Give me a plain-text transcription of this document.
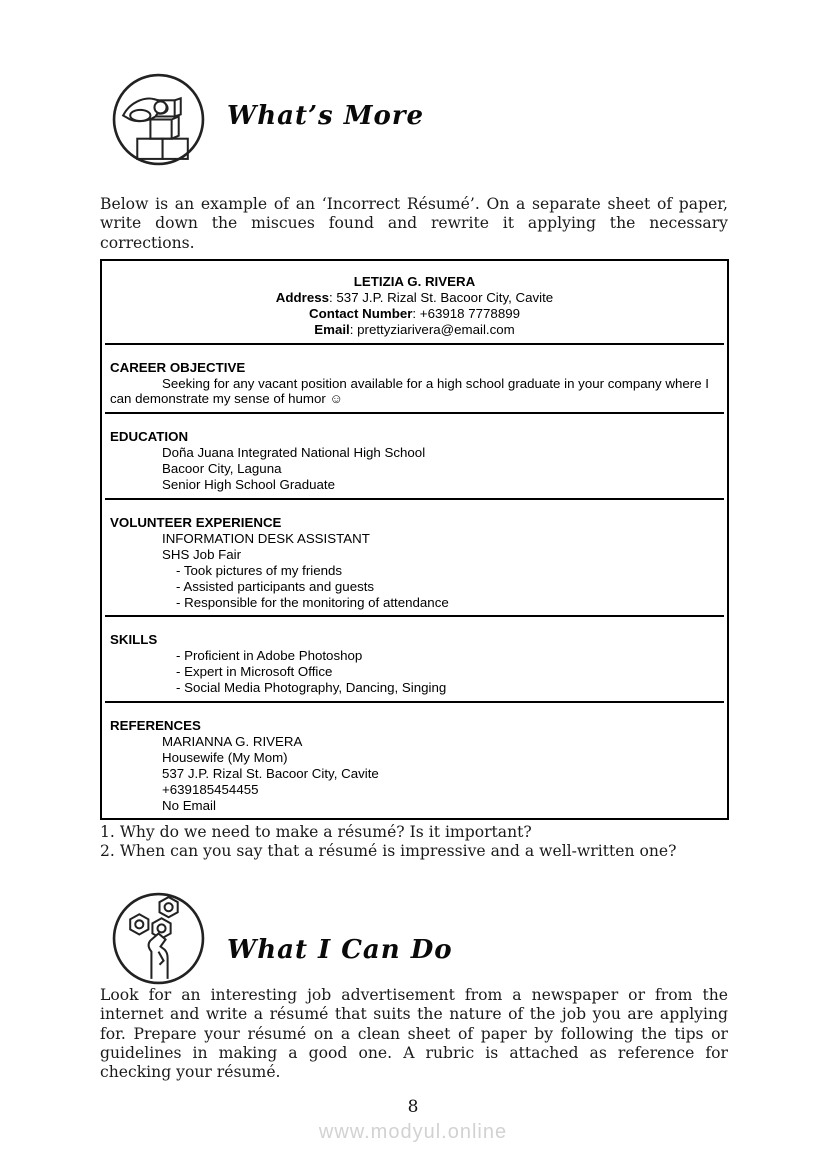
What’s More
Below is an example of an ‘Incorrect Résumé’. On a separate sheet of paper, write down the miscues found and rewrite it applying the necessary corrections.
LETIZIA G. RIVERA
Address: 537 J.P. Rizal St. Bacoor City, Cavite
Contact Number: +63918 7778899
Email: prettyziarivera@email.com
CAREER OBJECTIVE
Seeking for any vacant position available for a high school graduate in your company where I can demonstrate my sense of humor ☺
EDUCATION
Doña Juana Integrated National High School
Bacoor City, Laguna
Senior High School Graduate
VOLUNTEER EXPERIENCE
INFORMATION DESK ASSISTANT
SHS Job Fair
- Took pictures of my friends
- Assisted participants and guests
- Responsible for the monitoring of attendance
SKILLS
- Proficient in Adobe Photoshop
- Expert in Microsoft Office
- Social Media Photography, Dancing, Singing
REFERENCES
MARIANNA G. RIVERA
Housewife (My Mom)
537 J.P. Rizal St. Bacoor City, Cavite
+639185454455
No Email
1. Why do we need to make a résumé? Is it important?
2. When can you say that a résumé is impressive and a well-written one?
What I Can Do
Look for an interesting job advertisement from a newspaper or from the internet and write a résumé that suits the nature of the job you are applying for. Prepare your résumé on a clean sheet of paper by following the tips or guidelines in making a good one. A rubric is attached as reference for checking your résumé.
8
www.modyul.online
